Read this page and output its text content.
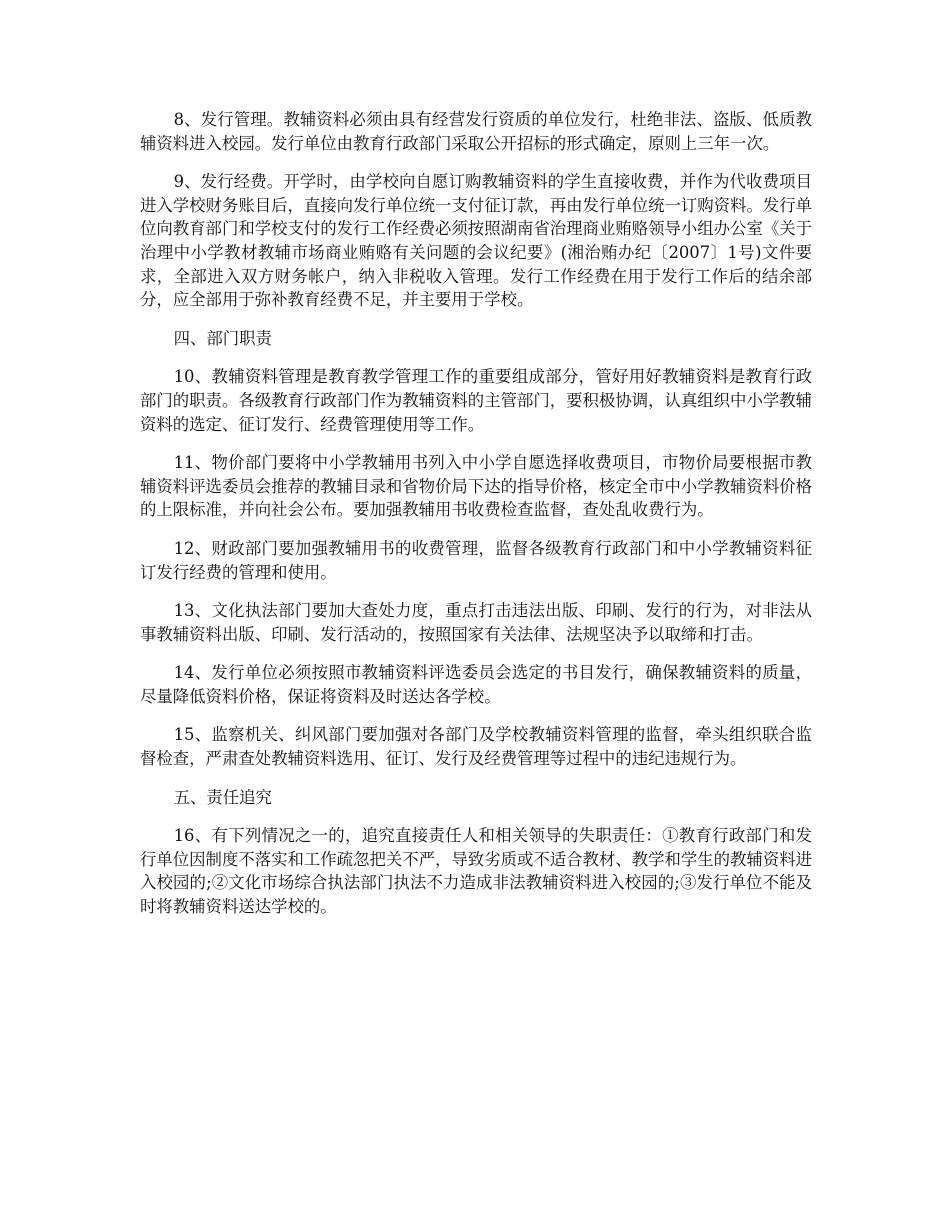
8、发行管理。教辅资料必须由具有经营发行资质的单位发行，杜绝非法、盗版、低质教辅资料进入校园。发行单位由教育行政部门采取公开招标的形式确定，原则上三年一次。

9、发行经费。开学时，由学校向自愿订购教辅资料的学生直接收费，并作为代收费项目进入学校财务账目后，直接向发行单位统一支付征订款，再由发行单位统一订购资料。发行单位向教育部门和学校支付的发行工作经费必须按照湖南省治理商业贿赂领导小组办公室《关于治理中小学教材教辅市场商业贿赂有关问题的会议纪要》(湘治贿办纪〔2007〕1号)文件要求，全部进入双方财务帐户，纳入非税收入管理。发行工作经费在用于发行工作后的结余部分，应全部用于弥补教育经费不足，并主要用于学校。

四、部门职责

10、教辅资料管理是教育教学管理工作的重要组成部分，管好用好教辅资料是教育行政部门的职责。各级教育行政部门作为教辅资料的主管部门，要积极协调，认真组织中小学教辅资料的选定、征订发行、经费管理使用等工作。

11、物价部门要将中小学教辅用书列入中小学自愿选择收费项目，市物价局要根据市教辅资料评选委员会推荐的教辅目录和省物价局下达的指导价格，核定全市中小学教辅资料价格的上限标准，并向社会公布。要加强教辅用书收费检查监督，查处乱收费行为。

12、财政部门要加强教辅用书的收费管理，监督各级教育行政部门和中小学教辅资料征订发行经费的管理和使用。

13、文化执法部门要加大查处力度，重点打击违法出版、印刷、发行的行为，对非法从事教辅资料出版、印刷、发行活动的，按照国家有关法律、法规坚决予以取缔和打击。

14、发行单位必须按照市教辅资料评选委员会选定的书目发行，确保教辅资料的质量，尽量降低资料价格，保证将资料及时送达各学校。

15、监察机关、纠风部门要加强对各部门及学校教辅资料管理的监督，牵头组织联合监督检查，严肃查处教辅资料选用、征订、发行及经费管理等过程中的违纪违规行为。

五、责任追究

16、有下列情况之一的，追究直接责任人和相关领导的失职责任：①教育行政部门和发行单位因制度不落实和工作疏忽把关不严，导致劣质或不适合教材、教学和学生的教辅资料进入校园的;②文化市场综合执法部门执法不力造成非法教辅资料进入校园的;③发行单位不能及时将教辅资料送达学校的。
